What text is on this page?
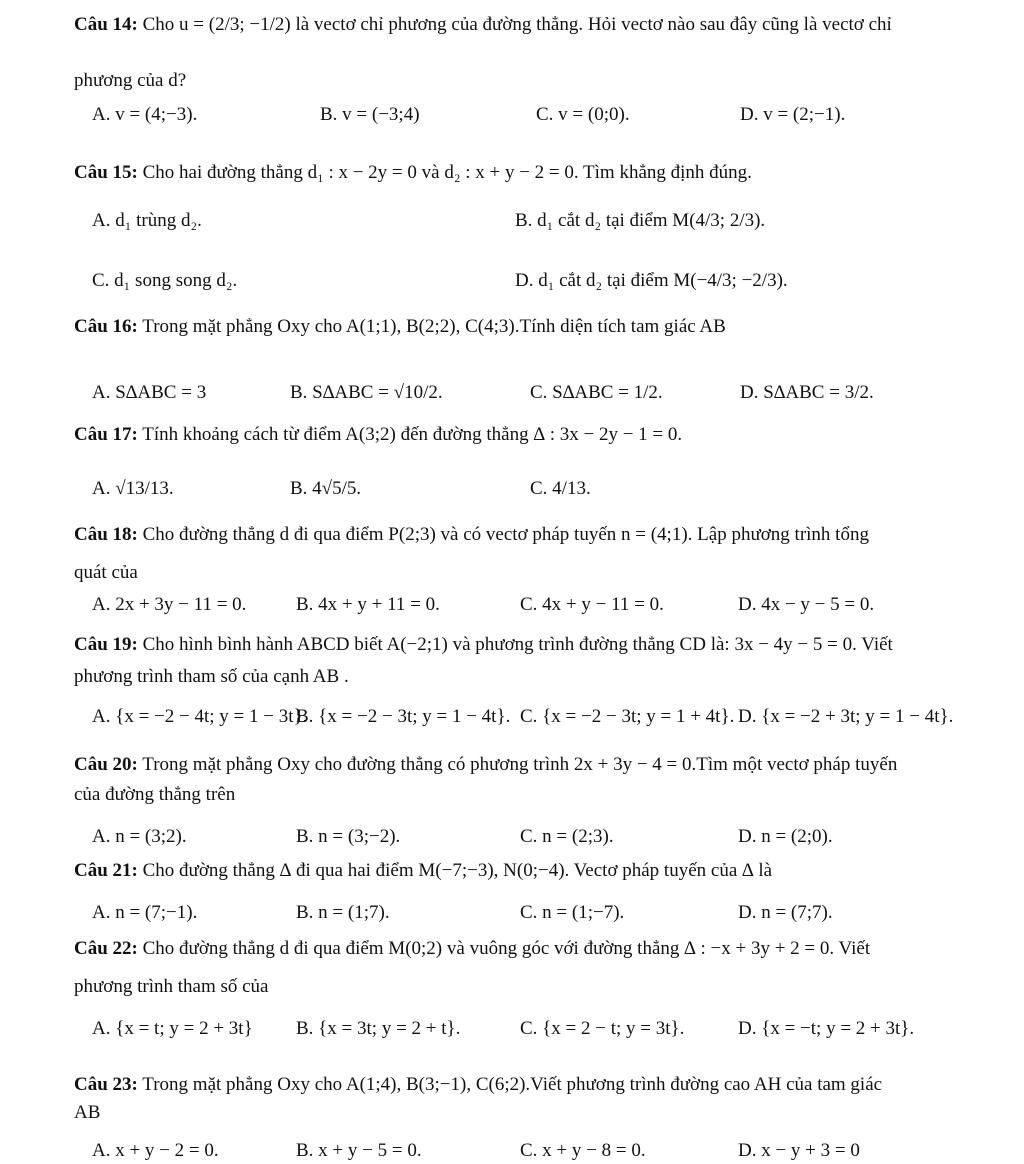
Câu 14: Cho u = (2/3; −1/2) là vectơ chỉ phương của đường thẳng. Hỏi vectơ nào sau đây cũng là vectơ chỉ
phương của d?
A. v = (4;−3).	B. v = (−3;4)	C. v = (0;0).	D. v = (2;−1).
Câu 15: Cho hai đường thẳng d₁ : x − 2y = 0 và d₂ : x + y − 2 = 0. Tìm khẳng định đúng.
A. d₁ trùng d₂.	B. d₁ cắt d₂ tại điểm M(4/3; 2/3).
C. d₁ song song d₂.	D. d₁ cắt d₂ tại điểm M(−4/3; −2/3).
Câu 16: Trong mặt phẳng Oxy cho A(1;1), B(2;2), C(4;3).Tính diện tích tam giác AB
A. S∆ABC = 3	B. S∆ABC = √10/2.	C. S∆ABC = 1/2.	D. S∆ABC = 3/2.
Câu 17: Tính khoảng cách từ điểm A(3;2) đến đường thẳng ∆ : 3x − 2y − 1 = 0.
A. √13/13.	B. 4√5/5.	C. 4/13.
Câu 18: Cho đường thẳng d đi qua điểm P(2;3) và có vectơ pháp tuyến n = (4;1). Lập phương trình tổng
quát của
A. 2x + 3y − 11 = 0.	B. 4x + y + 11 = 0.	C. 4x + y − 11 = 0.	D. 4x − y − 5 = 0.
Câu 19: Cho hình bình hành ABCD biết A(−2;1) và phương trình đường thẳng CD là: 3x − 4y − 5 = 0. Viết
phương trình tham số của cạnh AB .
A. {x = −2 − 4t; y = 1 − 3t}.
B. {x = −2 − 3t; y = 1 − 4t}. C. {x = −2 − 3t; y = 1 + 4t}. D. {x = −2 + 3t; y = 1 − 4t}.
Câu 20: Trong mặt phẳng Oxy cho đường thẳng có phương trình 2x + 3y − 4 = 0.Tìm một vectơ pháp tuyến
của đường thẳng trên
A. n = (3;2).	B. n = (3;−2).	C. n = (2;3).	D. n = (2;0).
Câu 21: Cho đường thẳng ∆ đi qua hai điểm M(−7;−3), N(0;−4). Vectơ pháp tuyến của ∆ là
A. n = (7;−1).	B. n = (1;7).	C. n = (1;−7).	D. n = (7;7).
Câu 22: Cho đường thẳng d đi qua điểm M(0;2) và vuông góc với đường thẳng ∆ : −x + 3y + 2 = 0. Viết
phương trình tham số của
A. {x = t; y = 2 + 3t} B. {x = 3t; y = 2 + t}.	C. {x = 2 − t; y = 3t}.	D. {x = −t; y = 2 + 3t}.
Câu 23: Trong mặt phẳng Oxy cho A(1;4), B(3;−1), C(6;2).Viết phương trình đường cao AH của tam giác
AB
A. x + y − 2 = 0.	B. x + y − 5 = 0.	C. x + y − 8 = 0.	D. x − y + 3 = 0
